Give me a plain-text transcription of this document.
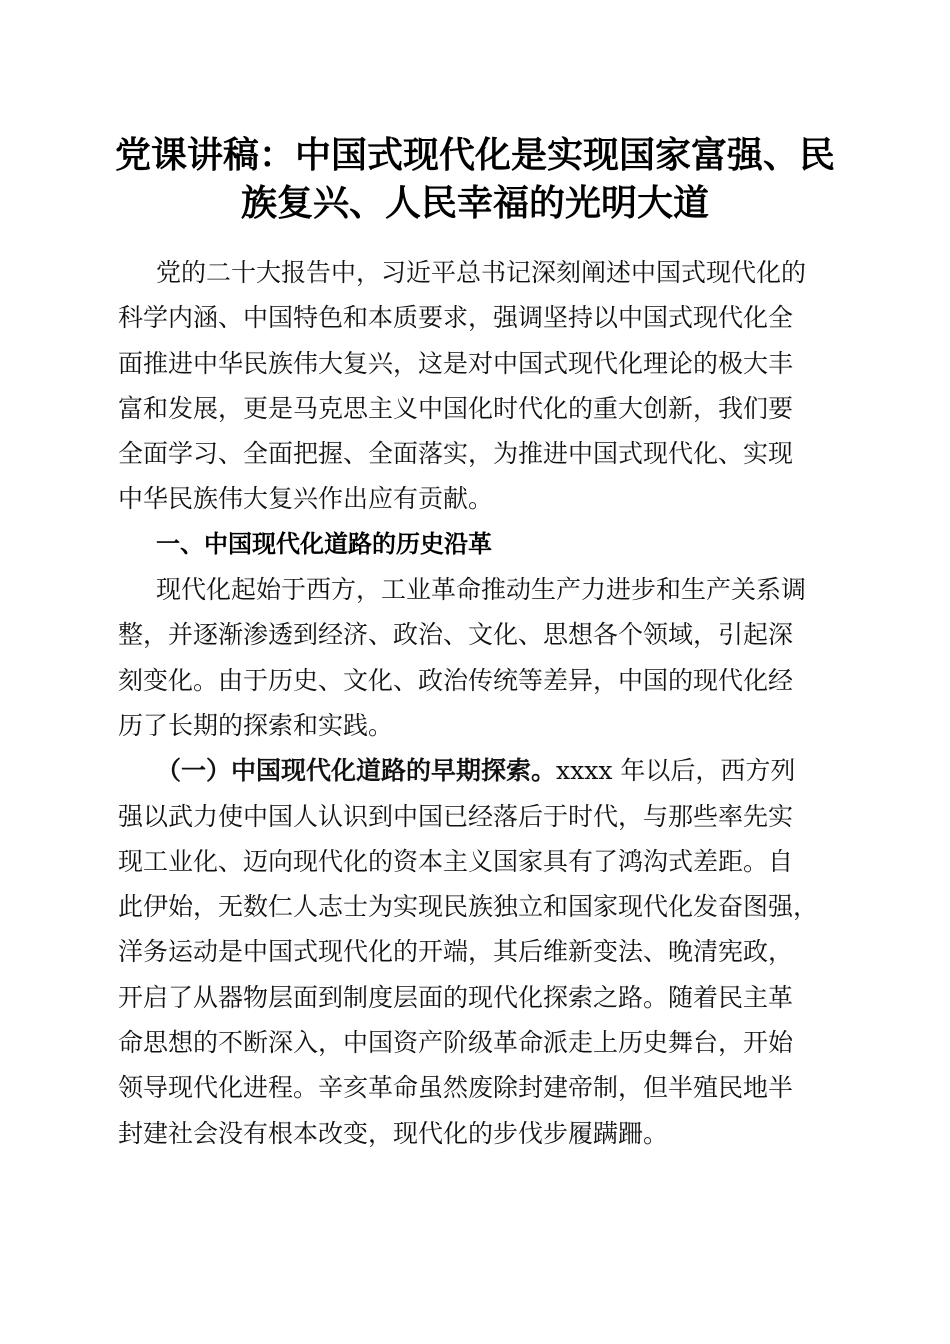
党课讲稿：中国式现代化是实现国家富强、民
族复兴、人民幸福的光明大道

党的二十大报告中，习近平总书记深刻阐述中国式现代化的
科学内涵、中国特色和本质要求，强调坚持以中国式现代化全
面推进中华民族伟大复兴，这是对中国式现代化理论的极大丰
富和发展，更是马克思主义中国化时代化的重大创新，我们要
全面学习、全面把握、全面落实，为推进中国式现代化、实现
中华民族伟大复兴作出应有贡献。

一、中国现代化道路的历史沿革

现代化起始于西方，工业革命推动生产力进步和生产关系调
整，并逐渐渗透到经济、政治、文化、思想各个领域，引起深
刻变化。由于历史、文化、政治传统等差异，中国的现代化经
历了长期的探索和实践。

（一）中国现代化道路的早期探索。xxxx 年以后，西方列
强以武力使中国人认识到中国已经落后于时代，与那些率先实
现工业化、迈向现代化的资本主义国家具有了鸿沟式差距。自
此伊始，无数仁人志士为实现民族独立和国家现代化发奋图强，
洋务运动是中国式现代化的开端，其后维新变法、晚清宪政，
开启了从器物层面到制度层面的现代化探索之路。随着民主革
命思想的不断深入，中国资产阶级革命派走上历史舞台，开始
领导现代化进程。辛亥革命虽然废除封建帝制，但半殖民地半
封建社会没有根本改变，现代化的步伐步履蹒跚。
